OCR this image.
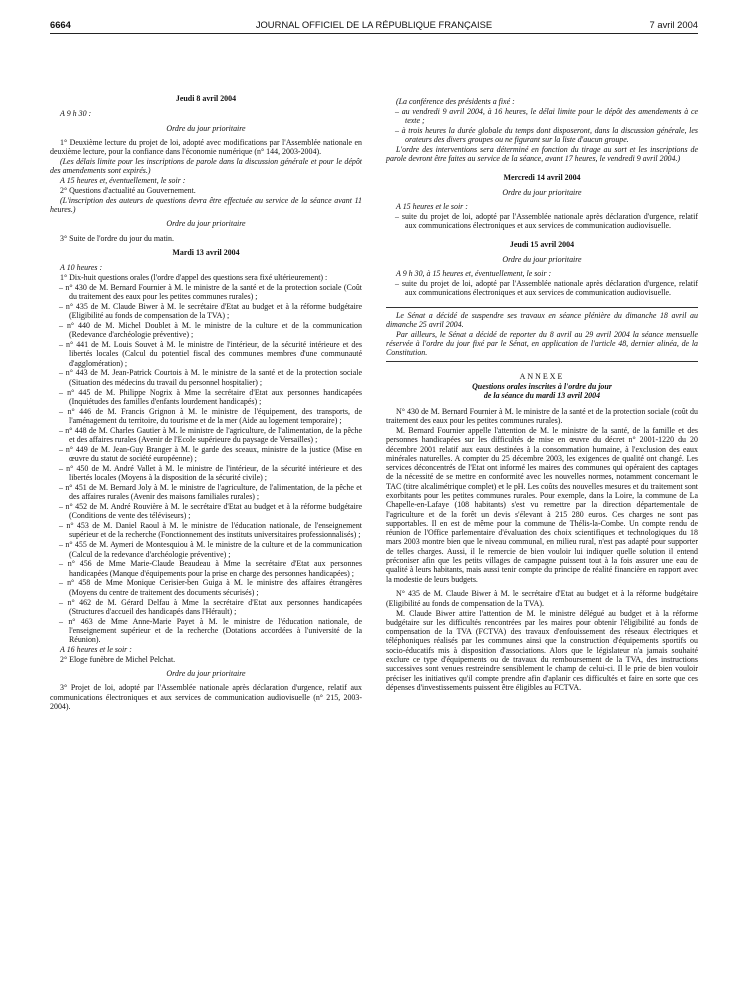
6664	JOURNAL OFFICIEL DE LA RÉPUBLIQUE FRANÇAISE	7 avril 2004

Jeudi 8 avril 2004

A 9 h 30 :

Ordre du jour prioritaire

1° Deuxième lecture du projet de loi, adopté avec modifications par l'Assemblée nationale en deuxième lecture, pour la confiance dans l'économie numérique (n° 144, 2003-2004).

(Les délais limite pour les inscriptions de parole dans la discussion générale et pour le dépôt des amendements sont expirés.)

A 15 heures et, éventuellement, le soir :

2° Questions d'actualité au Gouvernement.

(L'inscription des auteurs de questions devra être effectuée au service de la séance avant 11 heures.)

Ordre du jour prioritaire

3° Suite de l'ordre du jour du matin.

Mardi 13 avril 2004

A 10 heures :

1° Dix-huit questions orales (l'ordre d'appel des questions sera fixé ultérieurement) :

– n° 430 de M. Bernard Fournier à M. le ministre de la santé et de la protection sociale (Coût du traitement des eaux pour les petites communes rurales) ;

– n° 435 de M. Claude Biwer à M. le secrétaire d'Etat au budget et à la réforme budgétaire (Eligibilité au fonds de compensation de la TVA) ;

– n° 440 de M. Michel Doublet à M. le ministre de la culture et de la communication (Redevance d'archéologie préventive) ;

– n° 441 de M. Louis Souvet à M. le ministre de l'intérieur, de la sécurité intérieure et des libertés locales (Calcul du potentiel fiscal des communes membres d'une communauté d'agglomération) ;

– n° 443 de M. Jean-Patrick Courtois à M. le ministre de la santé et de la protection sociale (Situation des médecins du travail du personnel hospitalier) ;

– n° 445 de M. Philippe Nogrix à Mme la secrétaire d'Etat aux personnes handicapées (Inquiétudes des familles d'enfants lourdement handicapés) ;

– n° 446 de M. Francis Grignon à M. le ministre de l'équipement, des transports, de l'aménagement du territoire, du tourisme et de la mer (Aide au logement temporaire) ;

– n° 448 de M. Charles Gautier à M. le ministre de l'agriculture, de l'alimentation, de la pêche et des affaires rurales (Avenir de l'Ecole supérieure du paysage de Versailles) ;

– n° 449 de M. Jean-Guy Branger à M. le garde des sceaux, ministre de la justice (Mise en œuvre du statut de société européenne) ;

– n° 450 de M. André Vallet à M. le ministre de l'intérieur, de la sécurité intérieure et des libertés locales (Moyens à la disposition de la sécurité civile) ;

– n° 451 de M. Bernard Joly à M. le ministre de l'agriculture, de l'alimentation, de la pêche et des affaires rurales (Avenir des maisons familiales rurales) ;

– n° 452 de M. André Rouvière à M. le secrétaire d'Etat au budget et à la réforme budgétaire (Conditions de vente des téléviseurs) ;

– n° 453 de M. Daniel Raoul à M. le ministre de l'éducation nationale, de l'enseignement supérieur et de la recherche (Fonctionnement des instituts universitaires professionnalisés) ;

– n° 455 de M. Aymeri de Montesquiou à M. le ministre de la culture et de la communication (Calcul de la redevance d'archéologie préventive) ;

– n° 456 de Mme Marie-Claude Beaudeau à Mme la secrétaire d'Etat aux personnes handicapées (Manque d'équipements pour la prise en charge des personnes handicapées) ;

– n° 458 de Mme Monique Cerisier-ben Guiga à M. le ministre des affaires étrangères (Moyens du centre de traitement des documents sécurisés) ;

– n° 462 de M. Gérard Delfau à Mme la secrétaire d'Etat aux personnes handicapées (Structures d'accueil des handicapés dans l'Hérault) ;

– n° 463 de Mme Anne-Marie Payet à M. le ministre de l'éducation nationale, de l'enseignement supérieur et de la recherche (Dotations accordées à l'université de la Réunion).

A 16 heures et le soir :

2° Eloge funèbre de Michel Pelchat.

Ordre du jour prioritaire

3° Projet de loi, adopté par l'Assemblée nationale après déclaration d'urgence, relatif aux communications électroniques et aux services de communication audiovisuelle (n° 215, 2003-2004).

(La conférence des présidents a fixé :

– au vendredi 9 avril 2004, à 16 heures, le délai limite pour le dépôt des amendements à ce texte ;

– à trois heures la durée globale du temps dont disposeront, dans la discussion générale, les orateurs des divers groupes ou ne figurant sur la liste d'aucun groupe.

L'ordre des interventions sera déterminé en fonction du tirage au sort et les inscriptions de parole devront être faites au service de la séance, avant 17 heures, le vendredi 9 avril 2004.)

Mercredi 14 avril 2004

Ordre du jour prioritaire

A 15 heures et le soir :

– suite du projet de loi, adopté par l'Assemblée nationale après déclaration d'urgence, relatif aux communications électroniques et aux services de communication audiovisuelle.

Jeudi 15 avril 2004

Ordre du jour prioritaire

A 9 h 30, à 15 heures et, éventuellement, le soir :

– suite du projet de loi, adopté par l'Assemblée nationale après déclaration d'urgence, relatif aux communications électroniques et aux services de communication audiovisuelle.

Le Sénat a décidé de suspendre ses travaux en séance plénière du dimanche 18 avril au dimanche 25 avril 2004.

Par ailleurs, le Sénat a décidé de reporter du 8 avril au 29 avril 2004 la séance mensuelle réservée à l'ordre du jour fixé par le Sénat, en application de l'article 48, dernier alinéa, de la Constitution.

ANNEXE

Questions orales inscrites à l'ordre du jour
de la séance du mardi 13 avril 2004

N° 430 de M. Bernard Fournier à M. le ministre de la santé et de la protection sociale (coût du traitement des eaux pour les petites communes rurales).

M. Bernard Fournier appelle l'attention de M. le ministre de la santé, de la famille et des personnes handicapées sur les difficultés de mise en œuvre du décret n° 2001-1220 du 20 décembre 2001 relatif aux eaux destinées à la consommation humaine, à l'exclusion des eaux minérales naturelles. A compter du 25 décembre 2003, les exigences de qualité ont changé. Les services déconcentrés de l'Etat ont informé les maires des communes qui opéraient des captages de la nécessité de se mettre en conformité avec les nouvelles normes, notamment concernant le TAC (titre alcalimétrique complet) et le pH. Les coûts des nouvelles mesures et du traitement sont exorbitants pour les petites communes rurales. Pour exemple, dans la Loire, la commune de La Chapelle-en-Lafaye (108 habitants) s'est vu remettre par la direction départementale de l'agriculture et de la forêt un devis s'élevant à 215 280 euros. Ces charges ne sont pas supportables. Il en est de même pour la commune de Thélis-la-Combe. Un compte rendu de réunion de l'Office parlementaire d'évaluation des choix scientifiques et technologiques du 18 mars 2003 montre bien que le niveau communal, en milieu rural, n'est pas adapté pour supporter de telles charges. Aussi, il le remercie de bien vouloir lui indiquer quelle solution il entend préconiser afin que les petits villages de campagne puissent tout à la fois assurer une eau de qualité à leurs habitants, mais aussi tenir compte du principe de réalité financière en rapport avec la modestie de leurs budgets.

N° 435 de M. Claude Biwer à M. le secrétaire d'Etat au budget et à la réforme budgétaire (Eligibilité au fonds de compensation de la TVA).

M. Claude Biwer attire l'attention de M. le ministre délégué au budget et à la réforme budgétaire sur les difficultés rencontrées par les maires pour obtenir l'éligibilité au fonds de compensation de la TVA (FCTVA) des travaux d'enfouissement des réseaux électriques et téléphoniques réalisés par les communes ainsi que la construction d'équipements sportifs ou socio-éducatifs mis à disposition d'associations. Alors que le législateur n'a jamais souhaité exclure ce type d'équipements ou de travaux du remboursement de la TVA, des instructions successives sont venues restreindre sensiblement le champ de celui-ci. Il le prie de bien vouloir préciser les initiatives qu'il compte prendre afin d'aplanir ces difficultés et faire en sorte que ces dépenses d'investissements puissent être éligibles au FCTVA.
